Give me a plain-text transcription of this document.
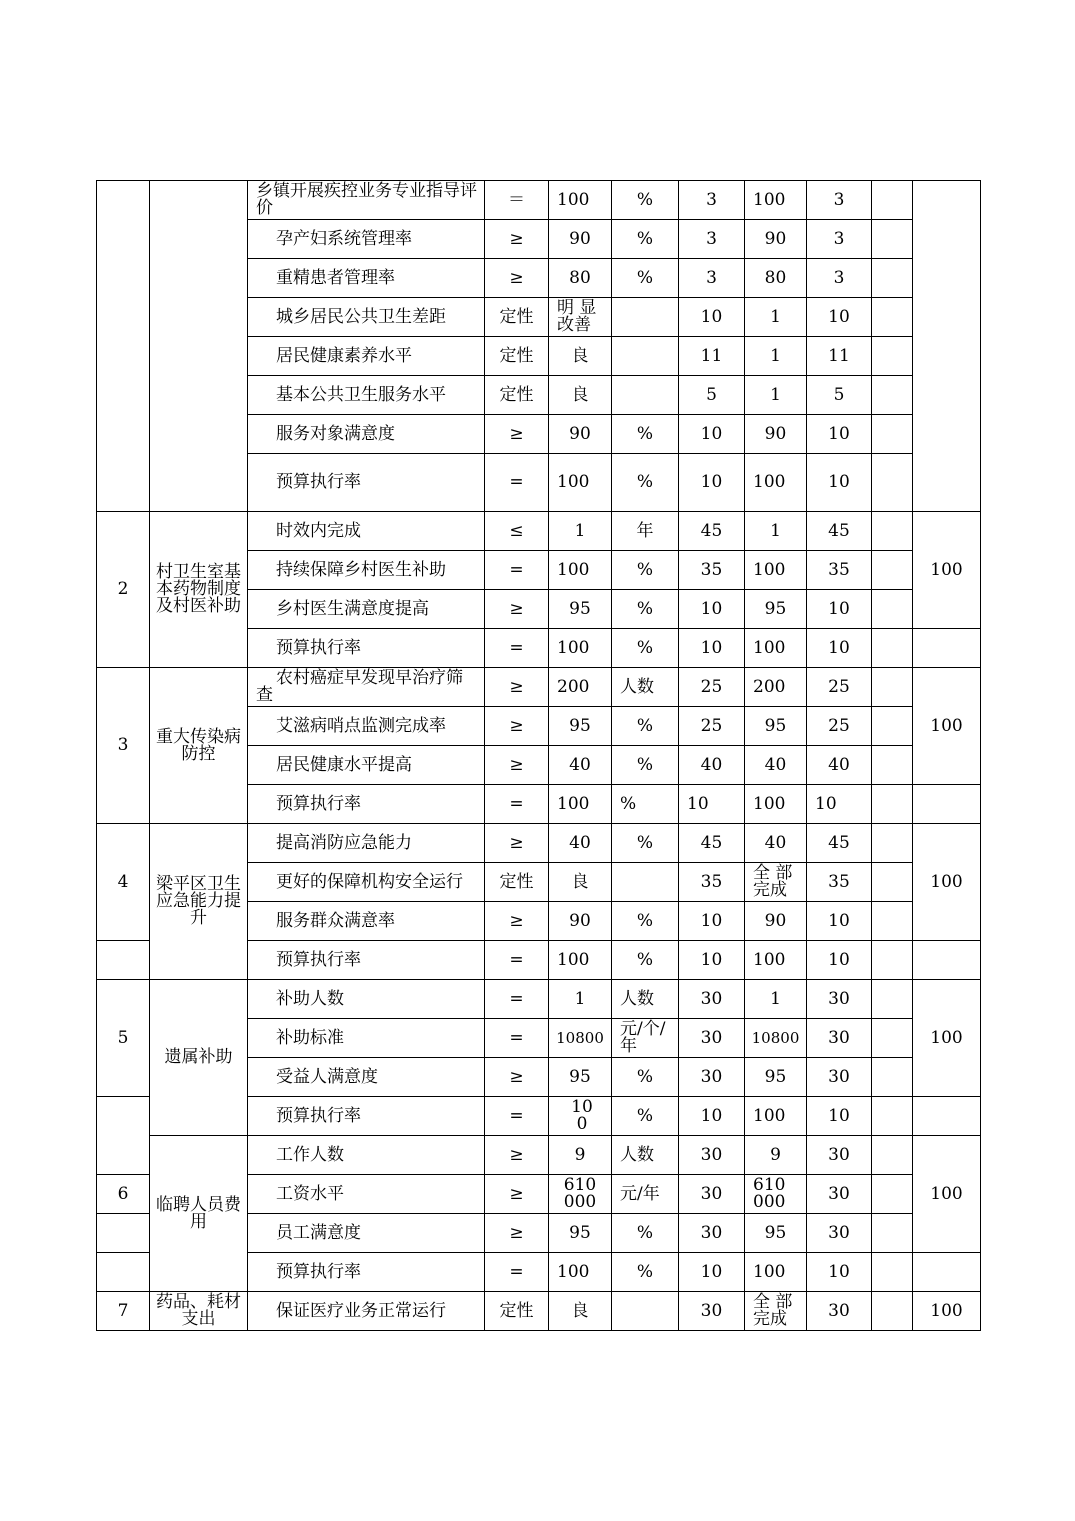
		乡镇开展疾控业务专业指导评价	＝	100	%	3	100	3		
		孕产妇系统管理率	≥	90	%	3	90	3		
		重精患者管理率	≥	80	%	3	80	3		
		城乡居民公共卫生差距	定性	明 显 改善		10	1	10		
		居民健康素养水平	定性	良		11	1	11		
		基本公共卫生服务水平	定性	良		5	1	5		
		服务对象满意度	≥	90	%	10	90	10		
		预算执行率	=	100	%	10	100	10		
2	村卫生室基本药物制度及村医补助	时效内完成	≤	1	年	45	1	45		100
		持续保障乡村医生补助	=	100	%	35	100	35		
		乡村医生满意度提高	≥	95	%	10	95	10		
		预算执行率	=	100	%	10	100	10		
3	重大传染病防控	农村癌症早发现早治疗筛查	≥	200	人数	25	200	25		100
		艾滋病哨点监测完成率	≥	95	%	25	95	25		
		居民健康水平提高	≥	40	%	40	40	40		
		预算执行率	=	100	%	10	100	10		
4	梁平区卫生应急能力提升	提高消防应急能力	≥	40	%	45	40	45		100
		更好的保障机构安全运行	定性	良		35	全 部 完成	35		
		服务群众满意率	≥	90	%	10	90	10		
		预算执行率	=	100	%	10	100	10		
5	遗属补助	补助人数	=	1	人数	30	1	30		100
		补助标准	=	10800	元/个/年	30	10800	30		
		受益人满意度	≥	95	%	30	95	30		
		预算执行率	=	100	%	10	100	10		
	临聘人员费用	工作人数	≥	9	人数	30	9	30		100
6		工资水平	≥	610000	元/年	30	610000	30		
		员工满意度	≥	95	%	30	95	30		
		预算执行率	=	100	%	10	100	10		
7	药品、耗材支出	保证医疗业务正常运行	定性	良		30	全 部 完成	30		100
